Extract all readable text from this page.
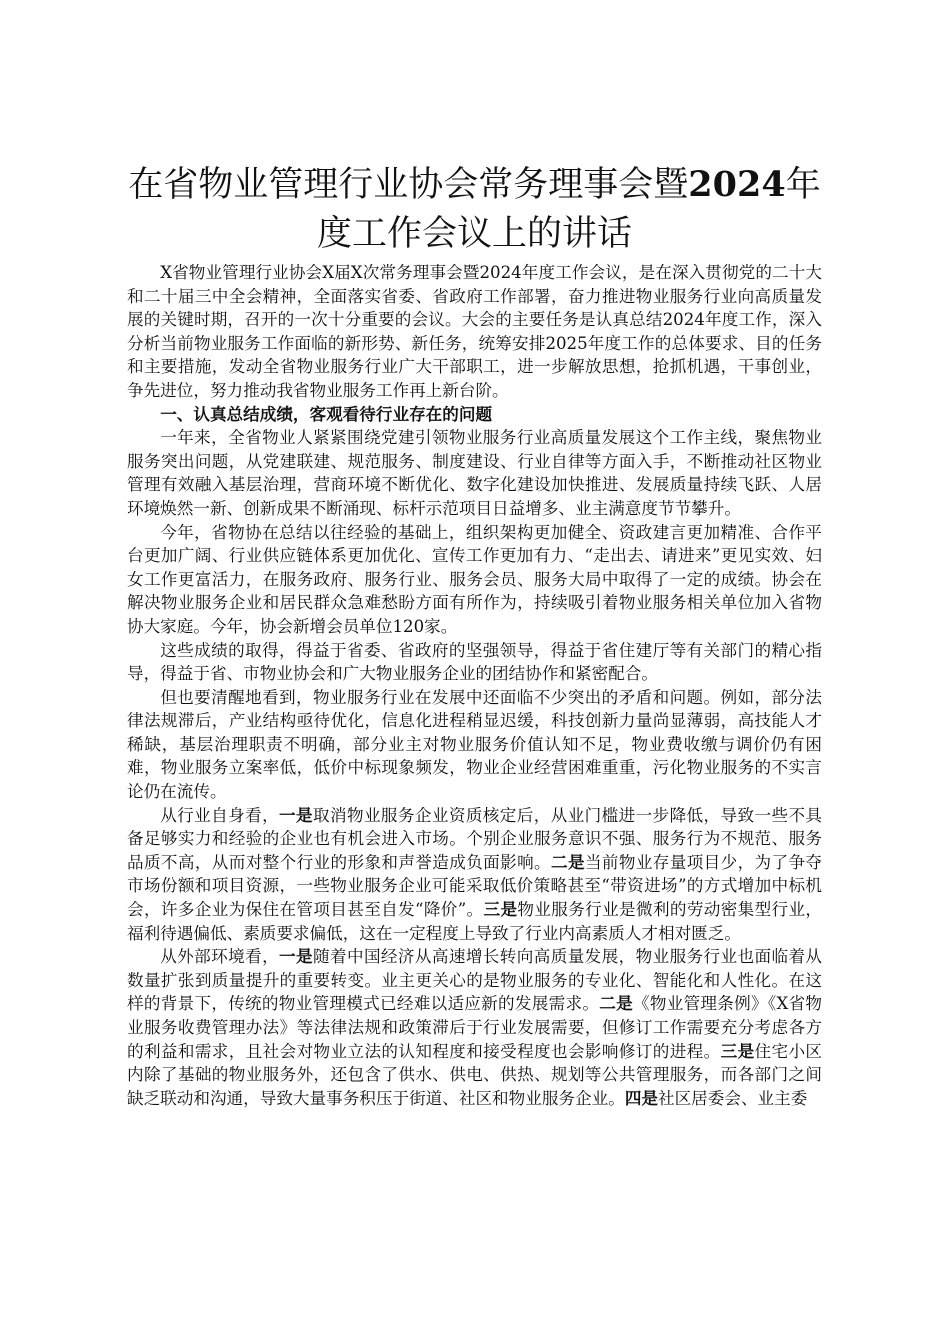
在省物业管理行业协会常务理事会暨2024年
度工作会议上的讲话

X省物业管理行业协会X届X次常务理事会暨2024年度工作会议，是在深入贯彻党的二十大和二十届三中全会精神，全面落实省委、省政府工作部署，奋力推进物业服务行业向高质量发展的关键时期，召开的一次十分重要的会议。大会的主要任务是认真总结2024年度工作，深入分析当前物业服务工作面临的新形势、新任务，统筹安排2025年度工作的总体要求、目的任务和主要措施，发动全省物业服务行业广大干部职工，进一步解放思想，抢抓机遇，干事创业，争先进位，努力推动我省物业服务工作再上新台阶。

一、认真总结成绩，客观看待行业存在的问题

一年来，全省物业人紧紧围绕党建引领物业服务行业高质量发展这个工作主线，聚焦物业服务突出问题，从党建联建、规范服务、制度建设、行业自律等方面入手，不断推动社区物业管理有效融入基层治理，营商环境不断优化、数字化建设加快推进、发展质量持续飞跃、人居环境焕然一新、创新成果不断涌现、标杆示范项目日益增多、业主满意度节节攀升。

今年，省物协在总结以往经验的基础上，组织架构更加健全、资政建言更加精准、合作平台更加广阔、行业供应链体系更加优化、宣传工作更加有力、“走出去、请进来”更见实效、妇女工作更富活力，在服务政府、服务行业、服务会员、服务大局中取得了一定的成绩。协会在解决物业服务企业和居民群众急难愁盼方面有所作为，持续吸引着物业服务相关单位加入省物协大家庭。今年，协会新增会员单位120家。

这些成绩的取得，得益于省委、省政府的坚强领导，得益于省住建厅等有关部门的精心指导，得益于省、市物业协会和广大物业服务企业的团结协作和紧密配合。

但也要清醒地看到，物业服务行业在发展中还面临不少突出的矛盾和问题。例如，部分法律法规滞后，产业结构亟待优化，信息化进程稍显迟缓，科技创新力量尚显薄弱，高技能人才稀缺，基层治理职责不明确，部分业主对物业服务价值认知不足，物业费收缴与调价仍有困难，物业服务立案率低，低价中标现象频发，物业企业经营困难重重，污化物业服务的不实言论仍在流传。

从行业自身看，一是取消物业服务企业资质核定后，从业门槛进一步降低，导致一些不具备足够实力和经验的企业也有机会进入市场。个别企业服务意识不强、服务行为不规范、服务品质不高，从而对整个行业的形象和声誉造成负面影响。二是当前物业存量项目少，为了争夺市场份额和项目资源，一些物业服务企业可能采取低价策略甚至“带资进场”的方式增加中标机会，许多企业为保住在管项目甚至自发“降价”。三是物业服务行业是微利的劳动密集型行业，福利待遇偏低、素质要求偏低，这在一定程度上导致了行业内高素质人才相对匮乏。

从外部环境看，一是随着中国经济从高速增长转向高质量发展，物业服务行业也面临着从数量扩张到质量提升的重要转变。业主更关心的是物业服务的专业化、智能化和人性化。在这样的背景下，传统的物业管理模式已经难以适应新的发展需求。二是《物业管理条例》《X省物业服务收费管理办法》等法律法规和政策滞后于行业发展需要，但修订工作需要充分考虑各方的利益和需求，且社会对物业立法的认知程度和接受程度也会影响修订的进程。三是住宅小区内除了基础的物业服务外，还包含了供水、供电、供热、规划等公共管理服务，而各部门之间缺乏联动和沟通，导致大量事务积压于街道、社区和物业服务企业。四是社区居委会、业主委
